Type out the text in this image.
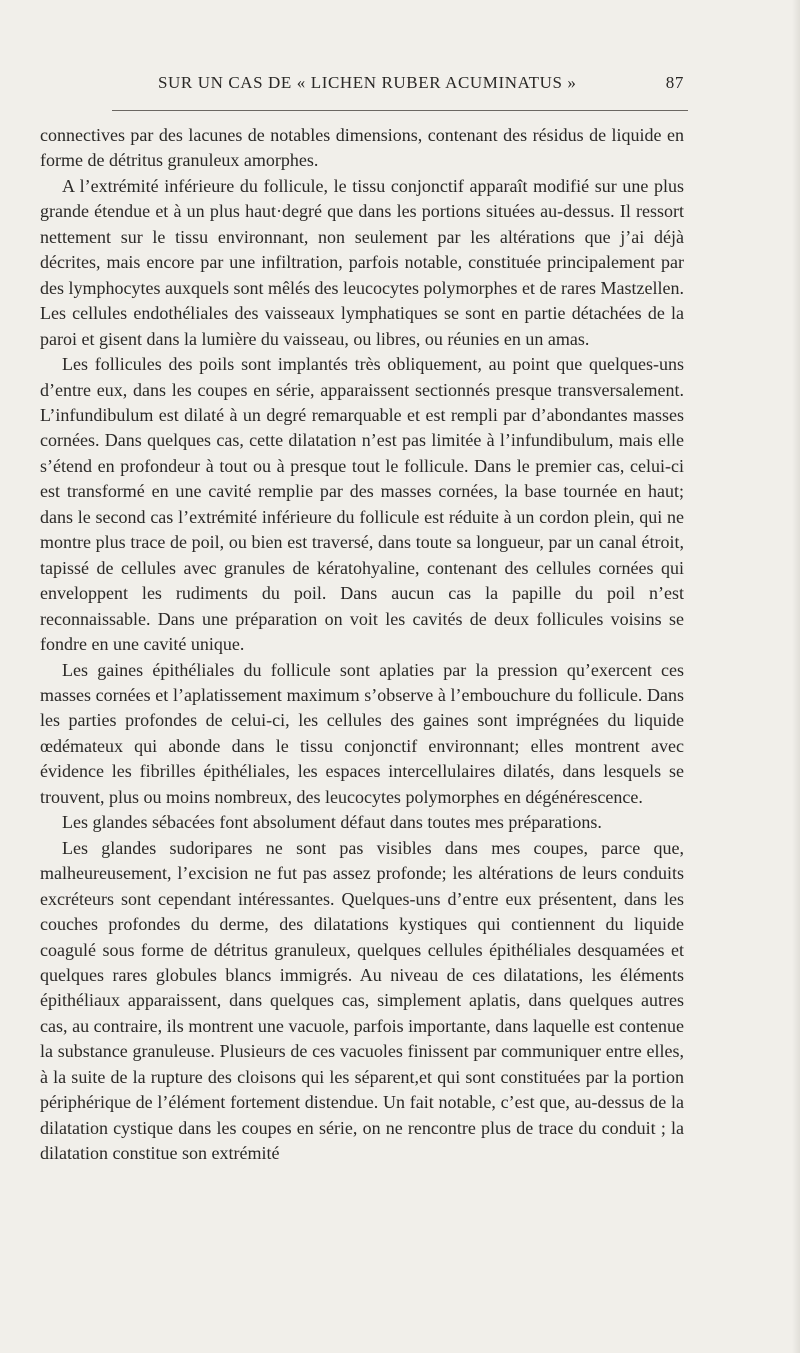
SUR UN CAS DE « LICHEN RUBER ACUMINATUS »	87

connectives par des lacunes de notables dimensions, contenant des résidus de liquide en forme de détritus granuleux amorphes.

A l’extrémité inférieure du follicule, le tissu conjonctif apparaît modifié sur une plus grande étendue et à un plus haut·degré que dans les portions situées au-dessus. Il ressort nettement sur le tissu environnant, non seulement par les altérations que j’ai déjà décrites, mais encore par une infiltration, parfois notable, constituée principalement par des lymphocytes auxquels sont mêlés des leucocytes polymorphes et de rares Mastzellen. Les cellules endothéliales des vaisseaux lymphatiques se sont en partie détachées de la paroi et gisent dans la lumière du vaisseau, ou libres, ou réunies en un amas.

Les follicules des poils sont implantés très obliquement, au point que quelques-uns d’entre eux, dans les coupes en série, apparaissent sectionnés presque transversalement. L’infundibulum est dilaté à un degré remarquable et est rempli par d’abondantes masses cornées. Dans quelques cas, cette dilatation n’est pas limitée à l’infundibulum, mais elle s’étend en profondeur à tout ou à presque tout le follicule. Dans le premier cas, celui-ci est transformé en une cavité remplie par des masses cornées, la base tournée en haut; dans le second cas l’extrémité inférieure du follicule est réduite à un cordon plein, qui ne montre plus trace de poil, ou bien est traversé, dans toute sa longueur, par un canal étroit, tapissé de cellules avec granules de kératohyaline, contenant des cellules cornées qui enveloppent les rudiments du poil. Dans aucun cas la papille du poil n’est reconnaissable. Dans une préparation on voit les cavités de deux follicules voisins se fondre en une cavité unique.

Les gaines épithéliales du follicule sont aplaties par la pression qu’exercent ces masses cornées et l’aplatissement maximum s’observe à l’embouchure du follicule. Dans les parties profondes de celui-ci, les cellules des gaines sont imprégnées du liquide œdémateux qui abonde dans le tissu conjonctif environnant; elles montrent avec évidence les fibrilles épithéliales, les espaces intercellulaires dilatés, dans lesquels se trouvent, plus ou moins nombreux, des leucocytes polymorphes en dégénérescence.

Les glandes sébacées font absolument défaut dans toutes mes préparations.

Les glandes sudoripares ne sont pas visibles dans mes coupes, parce que, malheureusement, l’excision ne fut pas assez profonde; les altérations de leurs conduits excréteurs sont cependant intéressantes. Quelques-uns d’entre eux présentent, dans les couches profondes du derme, des dilatations kystiques qui contiennent du liquide coagulé sous forme de détritus granuleux, quelques cellules épithéliales desquamées et quelques rares globules blancs immigrés. Au niveau de ces dilatations, les éléments épithéliaux apparaissent, dans quelques cas, simplement aplatis, dans quelques autres cas, au contraire, ils montrent une vacuole, parfois importante, dans laquelle est contenue la substance granuleuse. Plusieurs de ces vacuoles finissent par communiquer entre elles, à la suite de la rupture des cloisons qui les séparent,et qui sont constituées par la portion périphérique de l’élément fortement distendue. Un fait notable, c’est que, au-dessus de la dilatation cystique dans les coupes en série, on ne rencontre plus de trace du conduit ; la dilatation constitue son extrémité
